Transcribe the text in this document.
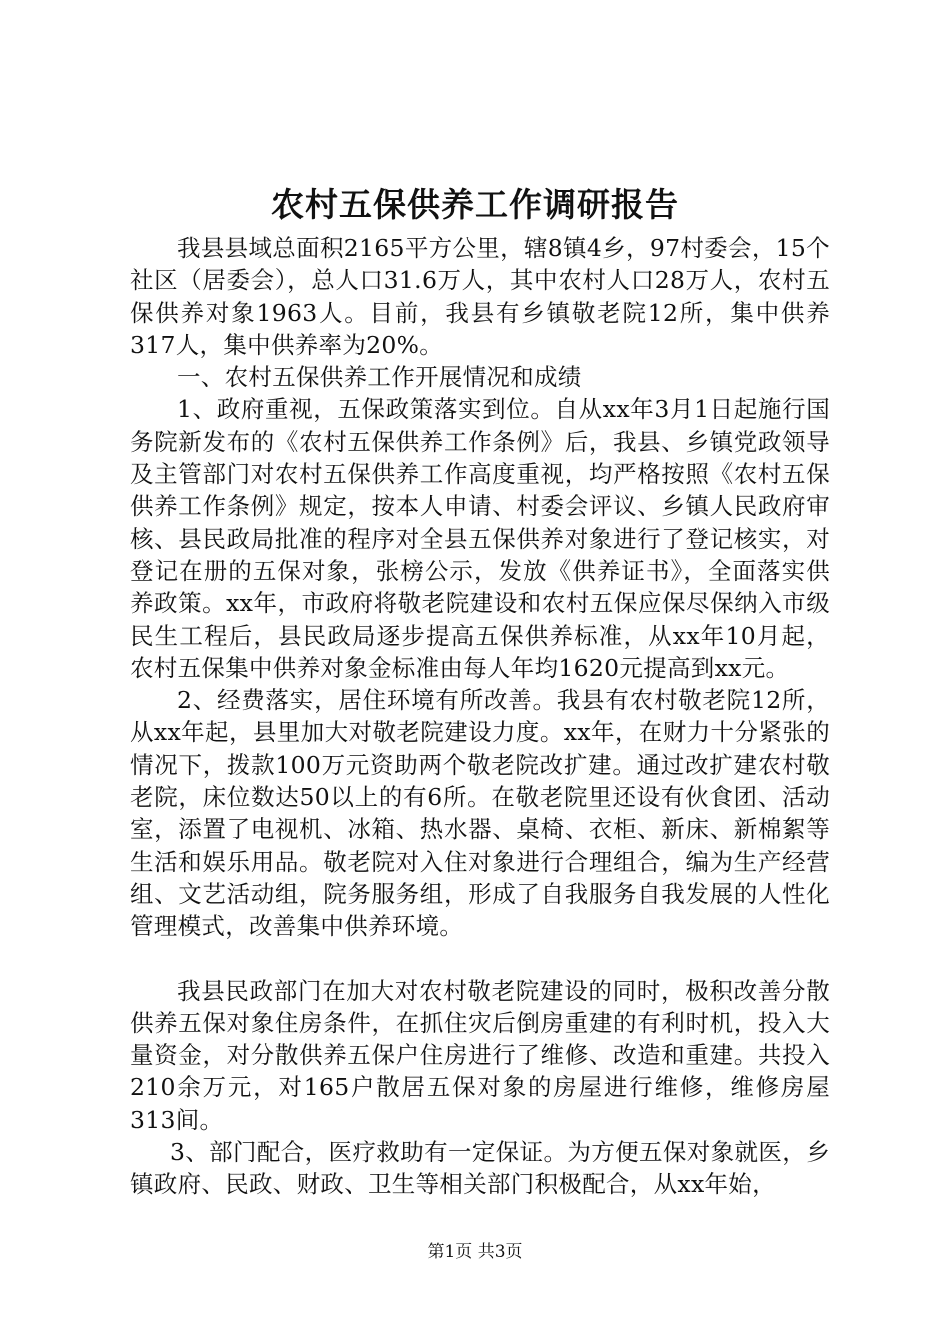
农村五保供养工作调研报告

我县县域总面积2165平方公里，辖8镇4乡，97村委会，15个社区（居委会），总人口31.6万人，其中农村人口28万人，农村五保供养对象1963人。目前，我县有乡镇敬老院12所，集中供养317人，集中供养率为20%。

一、农村五保供养工作开展情况和成绩

1、政府重视，五保政策落实到位。自从xx年3月1日起施行国务院新发布的《农村五保供养工作条例》后，我县、乡镇党政领导及主管部门对农村五保供养工作高度重视，均严格按照《农村五保供养工作条例》规定，按本人申请、村委会评议、乡镇人民政府审核、县民政局批准的程序对全县五保供养对象进行了登记核实，对登记在册的五保对象，张榜公示，发放《供养证书》，全面落实供养政策。xx年，市政府将敬老院建设和农村五保应保尽保纳入市级民生工程后，县民政局逐步提高五保供养标准，从xx年10月起，农村五保集中供养对象金标准由每人年均1620元提高到xx元。

2、经费落实，居住环境有所改善。我县有农村敬老院12所，从xx年起，县里加大对敬老院建设力度。xx年，在财力十分紧张的情况下，拨款100万元资助两个敬老院改扩建。通过改扩建农村敬老院，床位数达50以上的有6所。在敬老院里还设有伙食团、活动室，添置了电视机、冰箱、热水器、桌椅、衣柜、新床、新棉絮等生活和娱乐用品。敬老院对入住对象进行合理组合，编为生产经营组、文艺活动组，院务服务组，形成了自我服务自我发展的人性化管理模式，改善集中供养环境。

我县民政部门在加大对农村敬老院建设的同时，极积改善分散供养五保对象住房条件，在抓住灾后倒房重建的有利时机，投入大量资金，对分散供养五保户住房进行了维修、改造和重建。共投入210余万元，对165户散居五保对象的房屋进行维修，维修房屋313间。

3、部门配合，医疗救助有一定保证。为方便五保对象就医，乡镇政府、民政、财政、卫生等相关部门积极配合，从xx年始，

第1页 共3页
